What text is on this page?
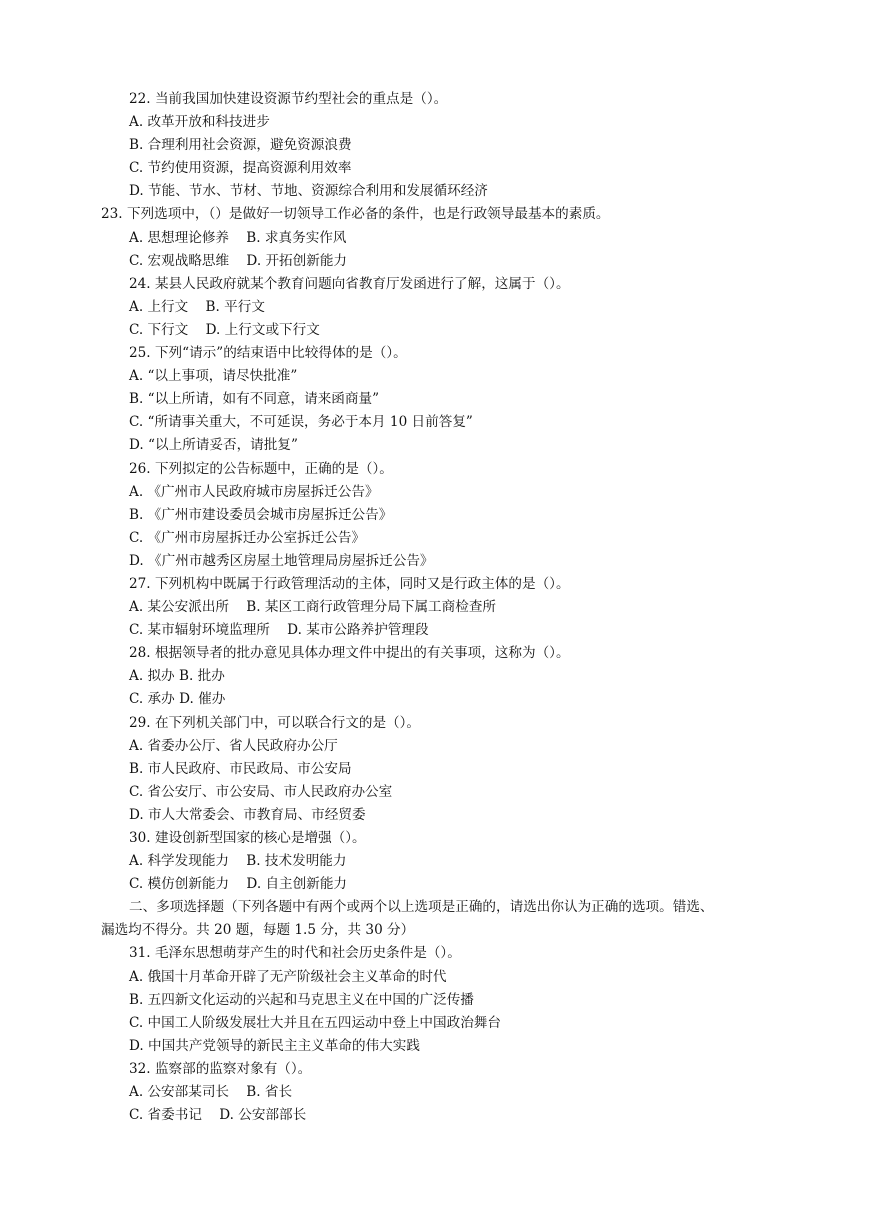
22. 当前我国加快建设资源节约型社会的重点是（）。
A. 改革开放和科技进步
B. 合理利用社会资源，避免资源浪费
C. 节约使用资源，提高资源利用效率
D. 节能、节水、节材、节地、资源综合利用和发展循环经济
23. 下列选项中，（）是做好一切领导工作必备的条件，也是行政领导最基本的素质。
A. 思想理论修养    B. 求真务实作风
C. 宏观战略思维    D. 开拓创新能力
24. 某县人民政府就某个教育问题向省教育厅发函进行了解，这属于（）。
A. 上行文    B. 平行文
C. 下行文    D. 上行文或下行文
25. 下列“请示”的结束语中比较得体的是（）。
A. “以上事项，请尽快批准”
B. “以上所请，如有不同意，请来函商量”
C. “所请事关重大，不可延误，务必于本月 10 日前答复”
D. “以上所请妥否，请批复”
26. 下列拟定的公告标题中，正确的是（）。
A. 《广州市人民政府城市房屋拆迁公告》
B. 《广州市建设委员会城市房屋拆迁公告》
C. 《广州市房屋拆迁办公室拆迁公告》
D. 《广州市越秀区房屋土地管理局房屋拆迁公告》
27. 下列机构中既属于行政管理活动的主体，同时又是行政主体的是（）。
A. 某公安派出所    B. 某区工商行政管理分局下属工商检查所
C. 某市辐射环境监理所    D. 某市公路养护管理段
28. 根据领导者的批办意见具体办理文件中提出的有关事项，这称为（）。
A. 拟办 B. 批办
C. 承办 D. 催办
29. 在下列机关部门中，可以联合行文的是（）。
A. 省委办公厅、省人民政府办公厅
B. 市人民政府、市民政局、市公安局
C. 省公安厅、市公安局、市人民政府办公室
D. 市人大常委会、市教育局、市经贸委
30. 建设创新型国家的核心是增强（）。
A. 科学发现能力    B. 技术发明能力
C. 模仿创新能力    D. 自主创新能力
二、多项选择题（下列各题中有两个或两个以上选项是正确的，请选出你认为正确的选项。错选、
漏选均不得分。共 20 题，每题 1.5 分，共 30 分）
31. 毛泽东思想萌芽产生的时代和社会历史条件是（）。
A. 俄国十月革命开辟了无产阶级社会主义革命的时代
B. 五四新文化运动的兴起和马克思主义在中国的广泛传播
C. 中国工人阶级发展壮大并且在五四运动中登上中国政治舞台
D. 中国共产党领导的新民主主义革命的伟大实践
32. 监察部的监察对象有（）。
A. 公安部某司长    B. 省长
C. 省委书记    D. 公安部部长
